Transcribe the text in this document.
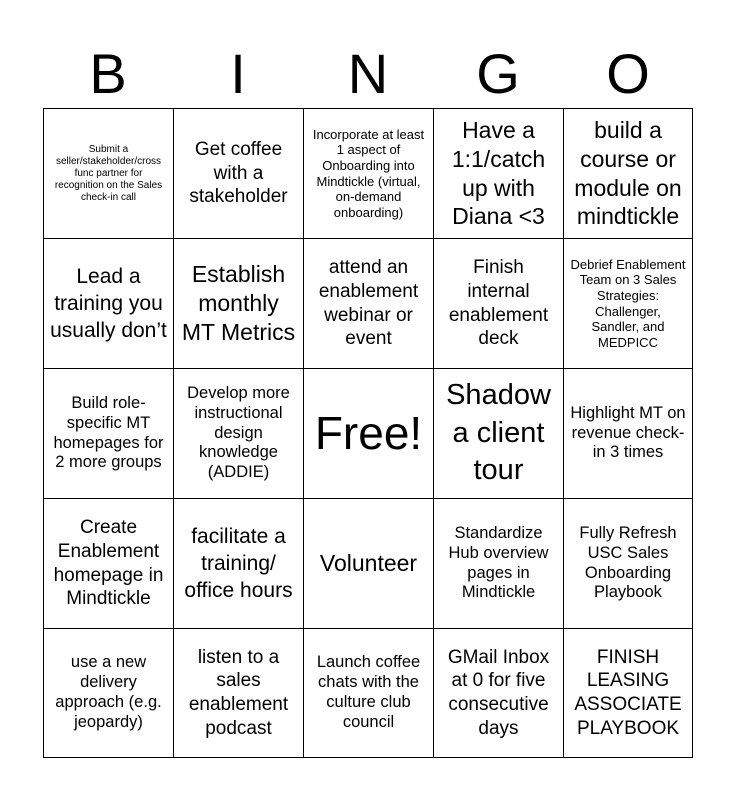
B	I	N	G	O
Submit a seller/stakeholder/cross func partner for recognition on the Sales check-in call
Get coffee with a stakeholder
Incorporate at least 1 aspect of Onboarding into Mindtickle (virtual, on-demand onboarding)
Have a 1:1/catch up with Diana <3
build a course or module on mindtickle
Lead a training you usually don’t
Establish monthly MT Metrics
attend an enablement webinar or event
Finish internal enablement deck
Debrief Enablement Team on 3 Sales Strategies: Challenger, Sandler, and MEDPICC
Build role-specific MT homepages for 2 more groups
Develop more instructional design knowledge (ADDIE)
Free!
Shadow a client tour
Highlight MT on revenue check-in 3 times
Create Enablement homepage in Mindtickle
facilitate a training/ office hours
Volunteer
Standardize Hub overview pages in Mindtickle
Fully Refresh USC Sales Onboarding Playbook
use a new delivery approach (e.g. jeopardy)
listen to a sales enablement podcast
Launch coffee chats with the culture club council
GMail Inbox at 0 for five consecutive days
FINISH LEASING ASSOCIATE PLAYBOOK
